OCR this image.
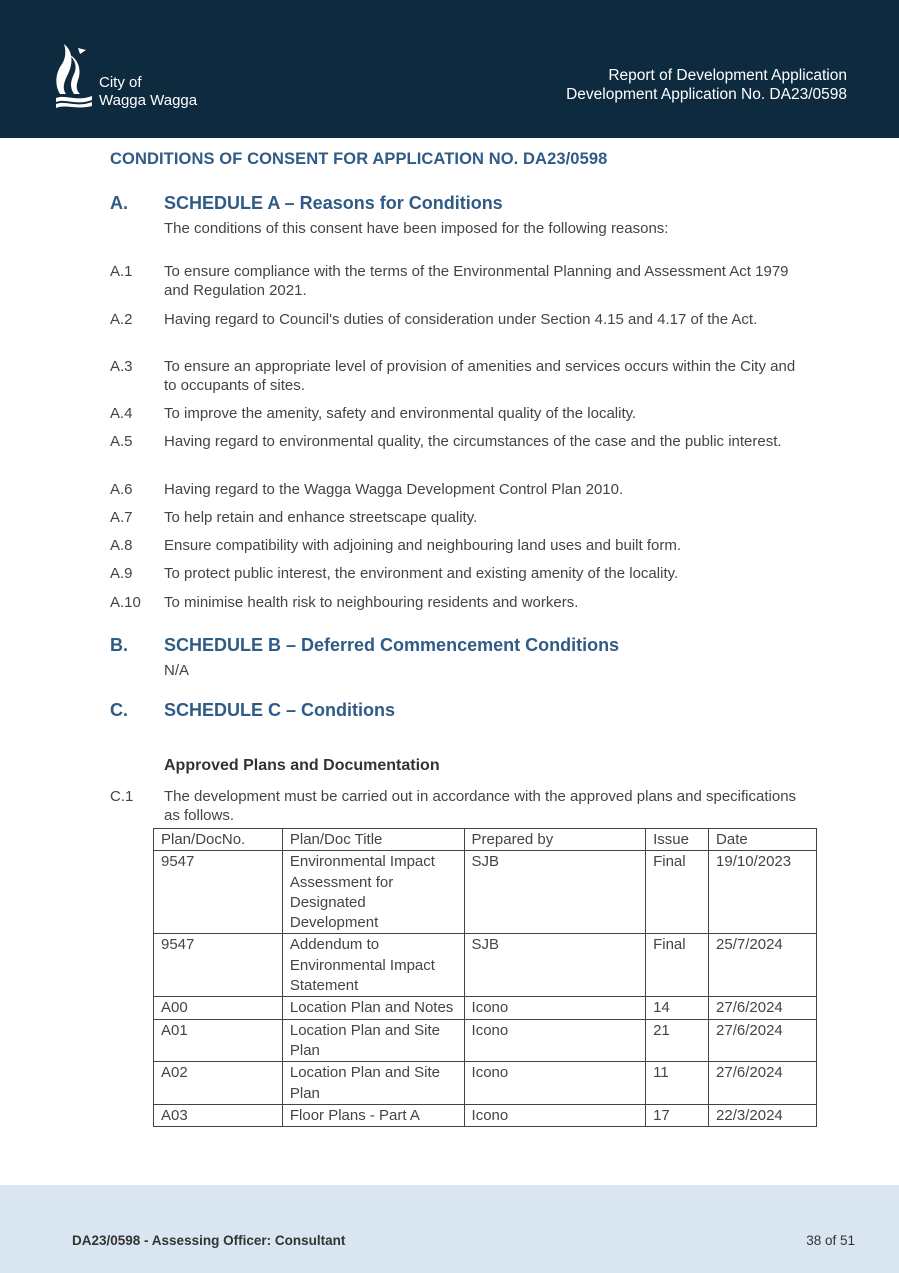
City of
Wagga Wagga
Report of Development Application
Development Application No. DA23/0598
CONDITIONS OF CONSENT FOR APPLICATION NO. DA23/0598
A. SCHEDULE A – Reasons for Conditions
The conditions of this consent have been imposed for the following reasons:
A.1 To ensure compliance with the terms of the Environmental Planning and Assessment Act 1979 and Regulation 2021.
A.2 Having regard to Council's duties of consideration under Section 4.15 and 4.17 of the Act.
A.3 To ensure an appropriate level of provision of amenities and services occurs within the City and to occupants of sites.
A.4 To improve the amenity, safety and environmental quality of the locality.
A.5 Having regard to environmental quality, the circumstances of the case and the public interest.
A.6 Having regard to the Wagga Wagga Development Control Plan 2010.
A.7 To help retain and enhance streetscape quality.
A.8 Ensure compatibility with adjoining and neighbouring land uses and built form.
A.9 To protect public interest, the environment and existing amenity of the locality.
A.10 To minimise health risk to neighbouring residents and workers.
B. SCHEDULE B – Deferred Commencement Conditions
N/A
C. SCHEDULE C – Conditions
Approved Plans and Documentation
C.1 The development must be carried out in accordance with the approved plans and specifications as follows.
Plan/DocNo.	Plan/Doc Title	Prepared by	Issue	Date
9547	Environmental Impact Assessment for Designated Development	SJB	Final	19/10/2023
9547	Addendum to Environmental Impact Statement	SJB	Final	25/7/2024
A00	Location Plan and Notes	Icono	14	27/6/2024
A01	Location Plan and Site Plan	Icono	21	27/6/2024
A02	Location Plan and Site Plan	Icono	11	27/6/2024
A03	Floor Plans - Part A	Icono	17	22/3/2024
DA23/0598 - Assessing Officer: Consultant	38 of 51
